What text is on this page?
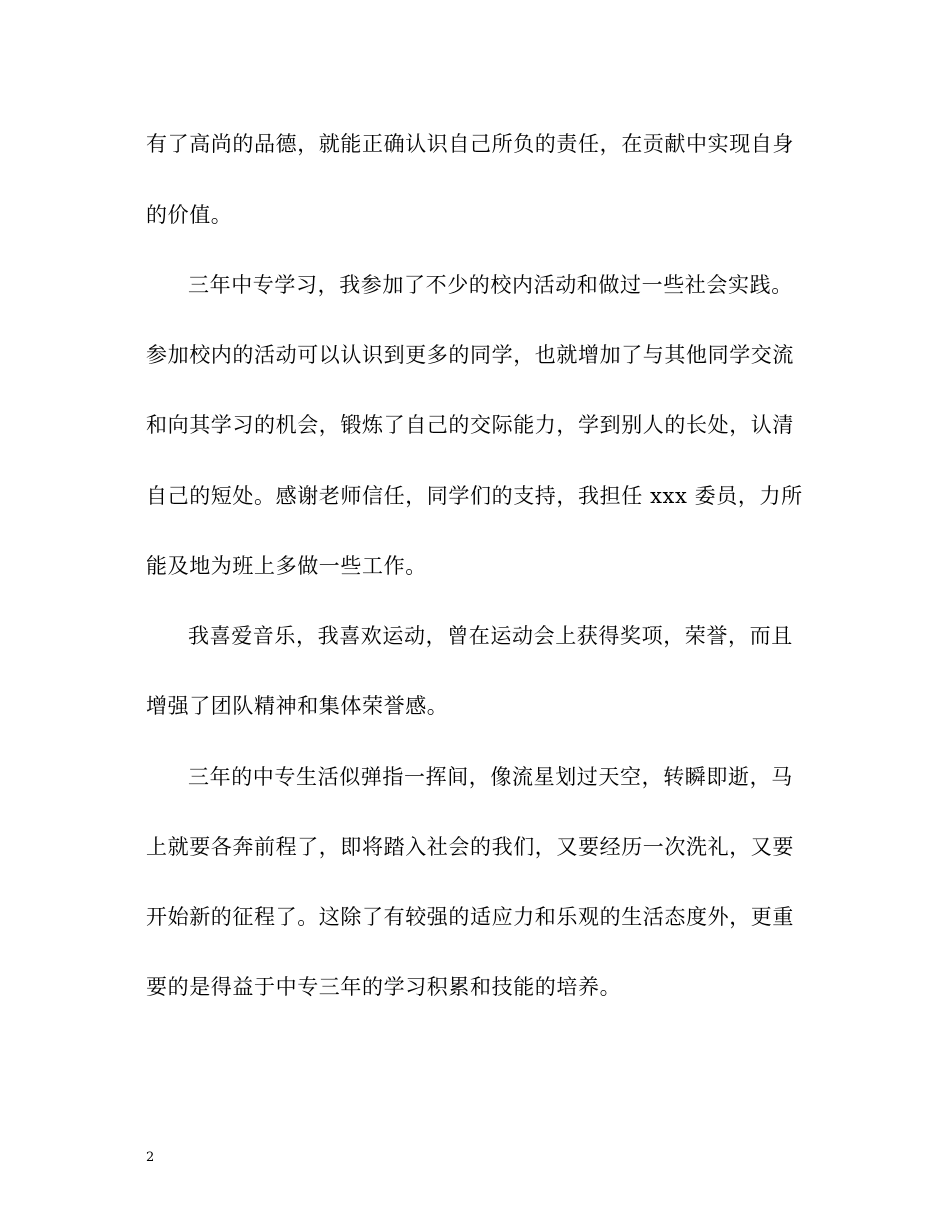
有了高尚的品德，就能正确认识自己所负的责任，在贡献中实现自身
的价值。
三年中专学习，我参加了不少的校内活动和做过一些社会实践。
参加校内的活动可以认识到更多的同学，也就增加了与其他同学交流
和向其学习的机会，锻炼了自己的交际能力，学到别人的长处，认清
自己的短处。感谢老师信任，同学们的支持，我担任 xxx 委员，力所
能及地为班上多做一些工作。
我喜爱音乐，我喜欢运动，曾在运动会上获得奖项，荣誉，而且
增强了团队精神和集体荣誉感。
三年的中专生活似弹指一挥间，像流星划过天空，转瞬即逝，马
上就要各奔前程了，即将踏入社会的我们，又要经历一次洗礼，又要
开始新的征程了。这除了有较强的适应力和乐观的生活态度外，更重
要的是得益于中专三年的学习积累和技能的培养。
2
